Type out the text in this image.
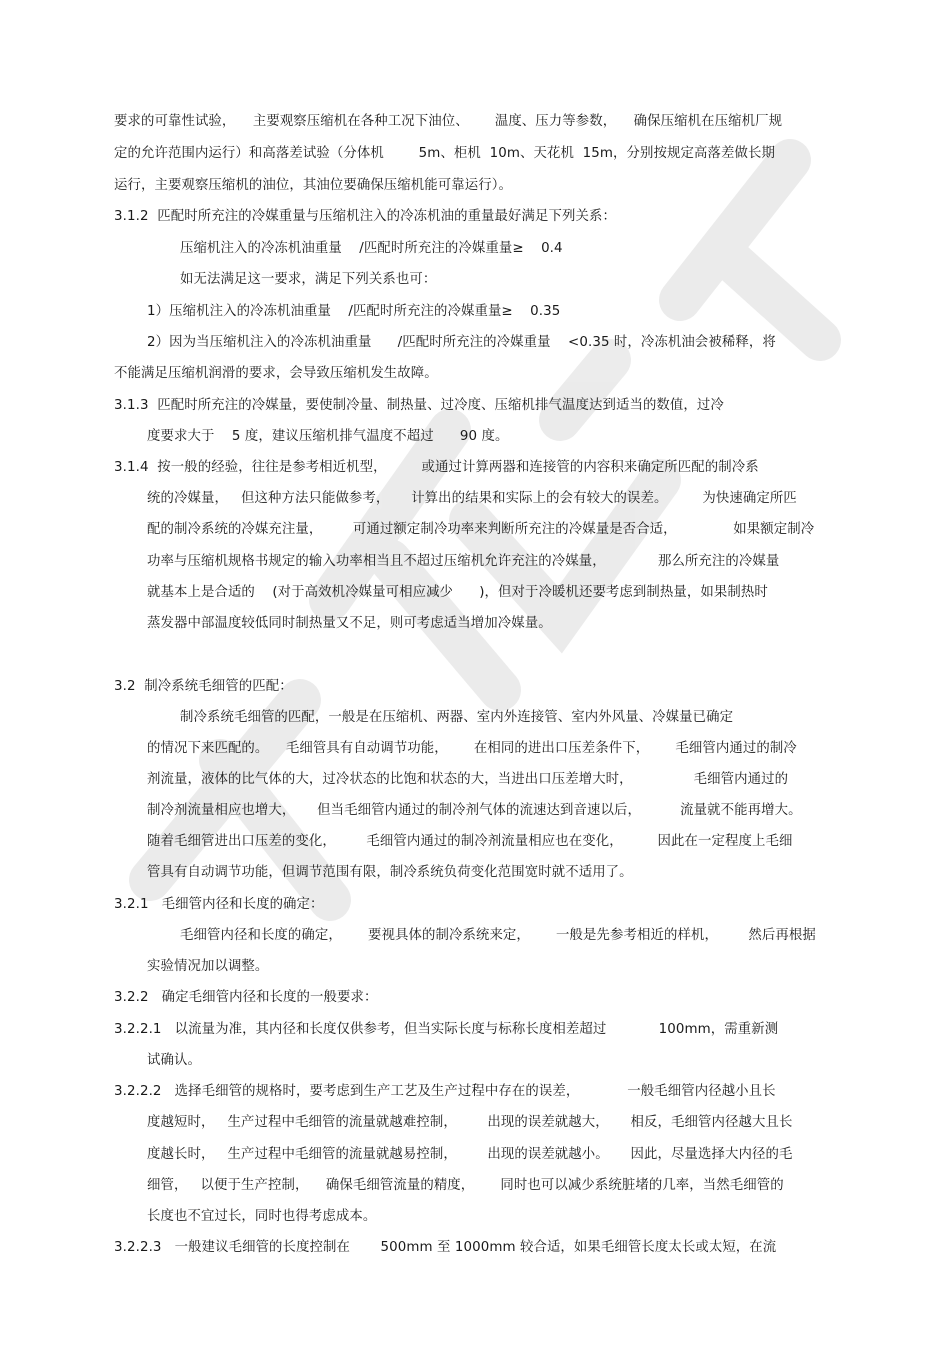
要求的可靠性试验，    主要观察压缩机在各种工况下油位、      温度、压力等参数，    确保压缩机在压缩机厂规
定的允许范围内运行）和高落差试验（分体机        5m、柜机  10m、天花机  15m，分别按规定高落差做长期
运行，主要观察压缩机的油位，其油位要确保压缩机能可靠运行）。
3.1.2  匹配时所充注的冷媒重量与压缩机注入的冷冻机油的重量最好满足下列关系：
压缩机注入的冷冻机油重量    /匹配时所充注的冷媒重量≥    0.4
如无法满足这一要求，满足下列关系也可：
1）压缩机注入的冷冻机油重量    /匹配时所充注的冷媒重量≥    0.35
2）因为当压缩机注入的冷冻机油重量      /匹配时所充注的冷媒重量    <0.35 时，冷冻机油会被稀释，将
不能满足压缩机润滑的要求，会导致压缩机发生故障。
3.1.3  匹配时所充注的冷媒量，要使制冷量、制热量、过冷度、压缩机排气温度达到适当的数值，过冷
度要求大于    5 度，建议压缩机排气温度不超过      90 度。
3.1.4  按一般的经验，往往是参考相近机型，        或通过计算两器和连接管的内容积来确定所匹配的制冷系
统的冷媒量，   但这种方法只能做参考，     计算出的结果和实际上的会有较大的误差。        为快速确定所匹
配的制冷系统的冷媒充注量，       可通过额定制冷功率来判断所充注的冷媒量是否合适，             如果额定制冷
功率与压缩机规格书规定的输入功率相当且不超过压缩机允许充注的冷媒量，            那么所充注的冷媒量
就基本上是合适的    (对于高效机冷媒量可相应减少      )，但对于冷暖机还要考虑到制热量，如果制热时
蒸发器中部温度较低同时制热量又不足，则可考虑适当增加冷媒量。
3.2  制冷系统毛细管的匹配：
制冷系统毛细管的匹配，一般是在压缩机、两器、室内外连接管、室内外风量、冷媒量已确定
的情况下来匹配的。    毛细管具有自动调节功能，      在相同的进出口压差条件下，      毛细管内通过的制冷
剂流量，液体的比气体的大，过冷状态的比饱和状态的大，当进出口压差增大时，              毛细管内通过的
制冷剂流量相应也增大，     但当毛细管内通过的制冷剂气体的流速达到音速以后，         流量就不能再增大。
随着毛细管进出口压差的变化，       毛细管内通过的制冷剂流量相应也在变化，        因此在一定程度上毛细
管具有自动调节功能，但调节范围有限，制冷系统负荷变化范围宽时就不适用了。
3.2.1   毛细管内径和长度的确定：
毛细管内径和长度的确定，      要视具体的制冷系统来定，      一般是先参考相近的样机，       然后再根据
实验情况加以调整。
3.2.2   确定毛细管内径和长度的一般要求：
3.2.2.1   以流量为准，其内径和长度仅供参考，但当实际长度与标称长度相差超过            100mm，需重新测
试确认。
3.2.2.2   选择毛细管的规格时，要考虑到生产工艺及生产过程中存在的误差，           一般毛细管内径越小且长
度越短时，   生产过程中毛细管的流量就越难控制，       出现的误差就越大，     相反，毛细管内径越大且长
度越长时，   生产过程中毛细管的流量就越易控制，       出现的误差就越小。     因此，尽量选择大内径的毛
细管，   以便于生产控制，    确保毛细管流量的精度，      同时也可以减少系统脏堵的几率，当然毛细管的
长度也不宜过长，同时也得考虑成本。
3.2.2.3   一般建议毛细管的长度控制在       500mm 至 1000mm 较合适，如果毛细管长度太长或太短，在流
